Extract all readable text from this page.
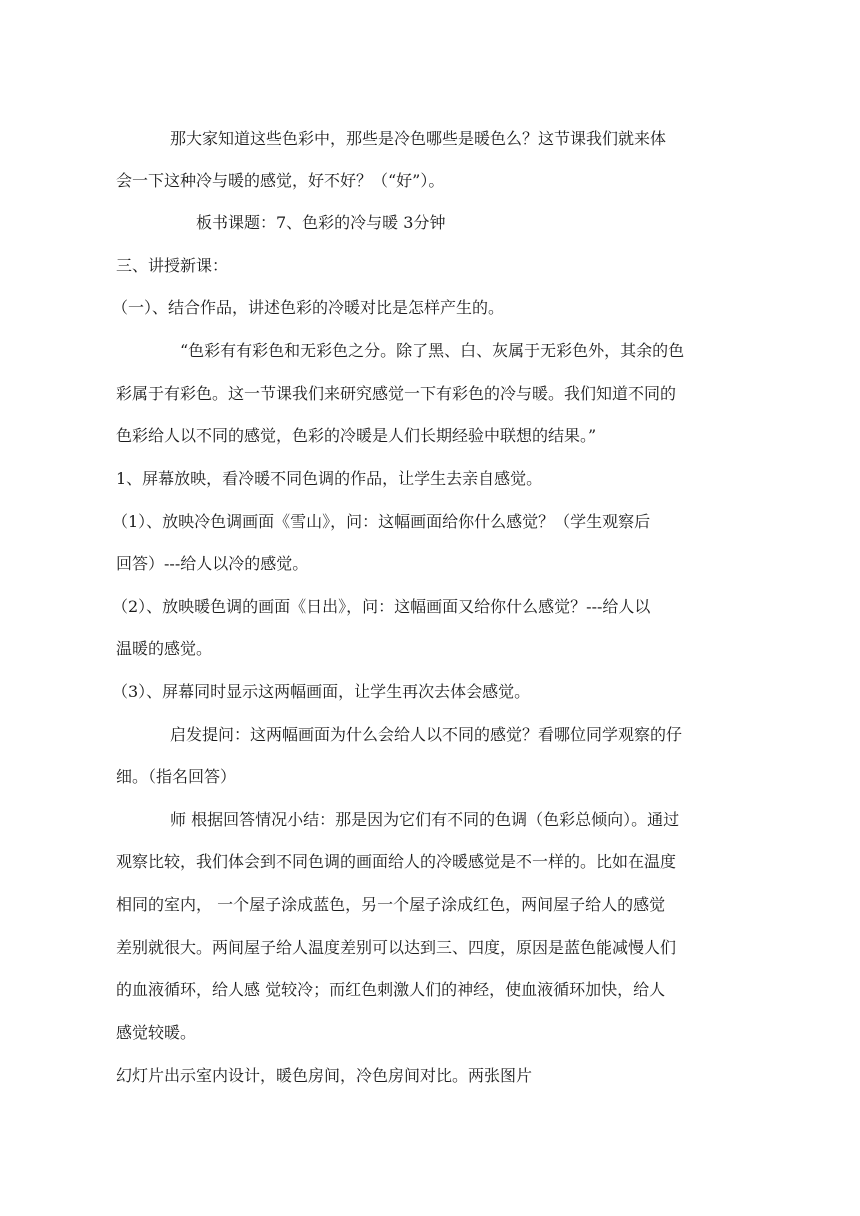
那大家知道这些色彩中，那些是冷色哪些是暖色么？这节课我们就来体
会一下这种冷与暖的感觉，好不好？（“好”）。
板书课题：7、色彩的冷与暖 3分钟
三、讲授新课：
（一）、结合作品，讲述色彩的冷暖对比是怎样产生的。
“色彩有有彩色和无彩色之分。除了黑、白、灰属于无彩色外，其余的色
彩属于有彩色。这一节课我们来研究感觉一下有彩色的冷与暖。我们知道不同的
色彩给人以不同的感觉，色彩的冷暖是人们长期经验中联想的结果。”
1、屏幕放映，看冷暖不同色调的作品，让学生去亲自感觉。
（1）、放映冷色调画面《雪山》，问：这幅画面给你什么感觉？（学生观察后
回答）---给人以冷的感觉。
（2）、放映暖色调的画面《日出》，问：这幅画面又给你什么感觉？---给人以
温暖的感觉。
（3）、屏幕同时显示这两幅画面，让学生再次去体会感觉。
启发提问：这两幅画面为什么会给人以不同的感觉？看哪位同学观察的仔
细。（指名回答）
师 根据回答情况小结：那是因为它们有不同的色调（色彩总倾向）。通过
观察比较，我们体会到不同色调的画面给人的冷暖感觉是不一样的。比如在温度
相同的室内， 一个屋子涂成蓝色，另一个屋子涂成红色，两间屋子给人的感觉
差别就很大。两间屋子给人温度差别可以达到三、四度，原因是蓝色能减慢人们
的血液循环，给人感 觉较冷；而红色刺激人们的神经，使血液循环加快，给人
感觉较暖。
幻灯片出示室内设计，暖色房间，冷色房间对比。两张图片
